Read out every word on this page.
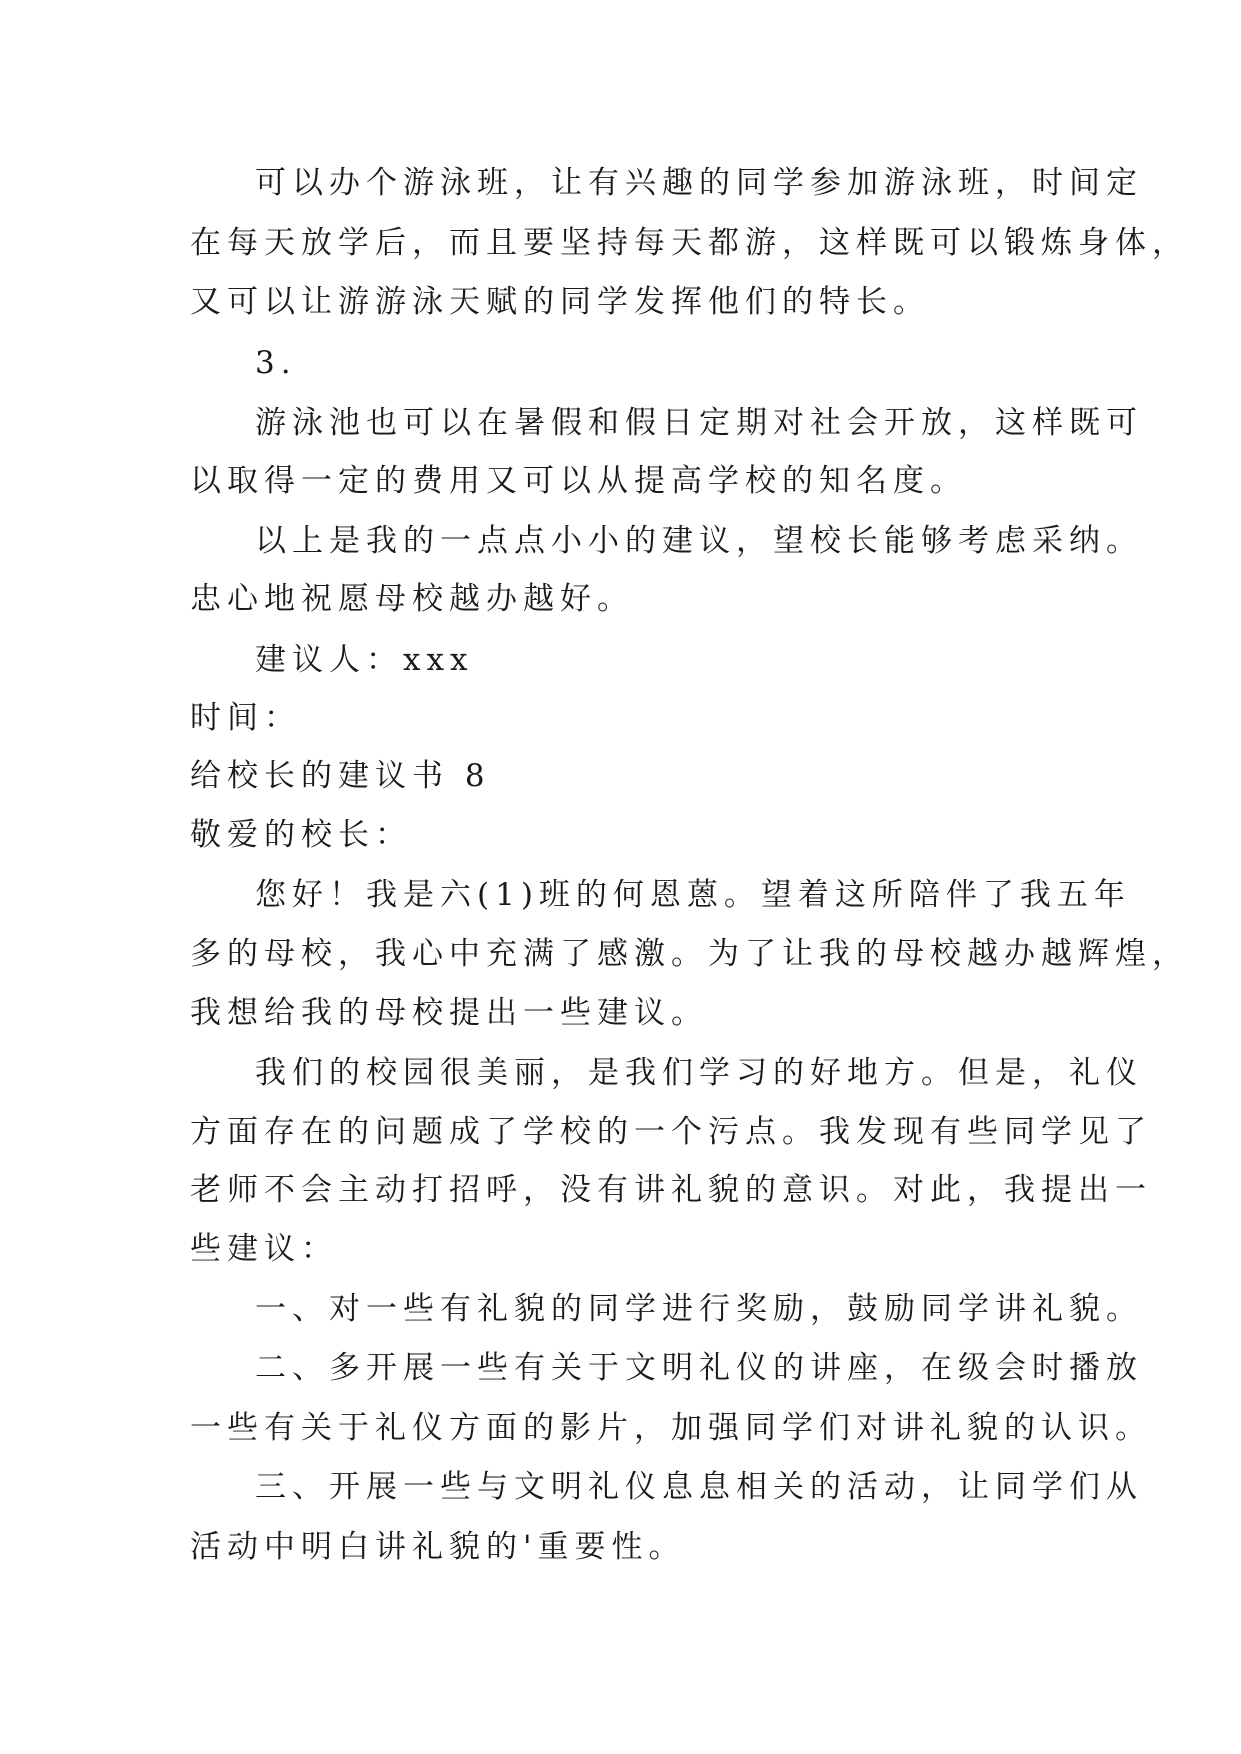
可以办个游泳班，让有兴趣的同学参加游泳班，时间定
在每天放学后，而且要坚持每天都游，这样既可以锻炼身体，
又可以让游游泳天赋的同学发挥他们的特长。
3.
游泳池也可以在暑假和假日定期对社会开放，这样既可
以取得一定的费用又可以从提高学校的知名度。
以上是我的一点点小小的建议，望校长能够考虑采纳。
忠心地祝愿母校越办越好。
建议人：xxx
时间：
给校长的建议书 8
敬爱的校长：
您好！我是六(1)班的何恩蒽。望着这所陪伴了我五年
多的母校，我心中充满了感激。为了让我的母校越办越辉煌，
我想给我的母校提出一些建议。
我们的校园很美丽，是我们学习的好地方。但是，礼仪
方面存在的问题成了学校的一个污点。我发现有些同学见了
老师不会主动打招呼，没有讲礼貌的意识。对此，我提出一
些建议：
一、对一些有礼貌的同学进行奖励，鼓励同学讲礼貌。
二、多开展一些有关于文明礼仪的讲座，在级会时播放
一些有关于礼仪方面的影片，加强同学们对讲礼貌的认识。
三、开展一些与文明礼仪息息相关的活动，让同学们从
活动中明白讲礼貌的'重要性。
